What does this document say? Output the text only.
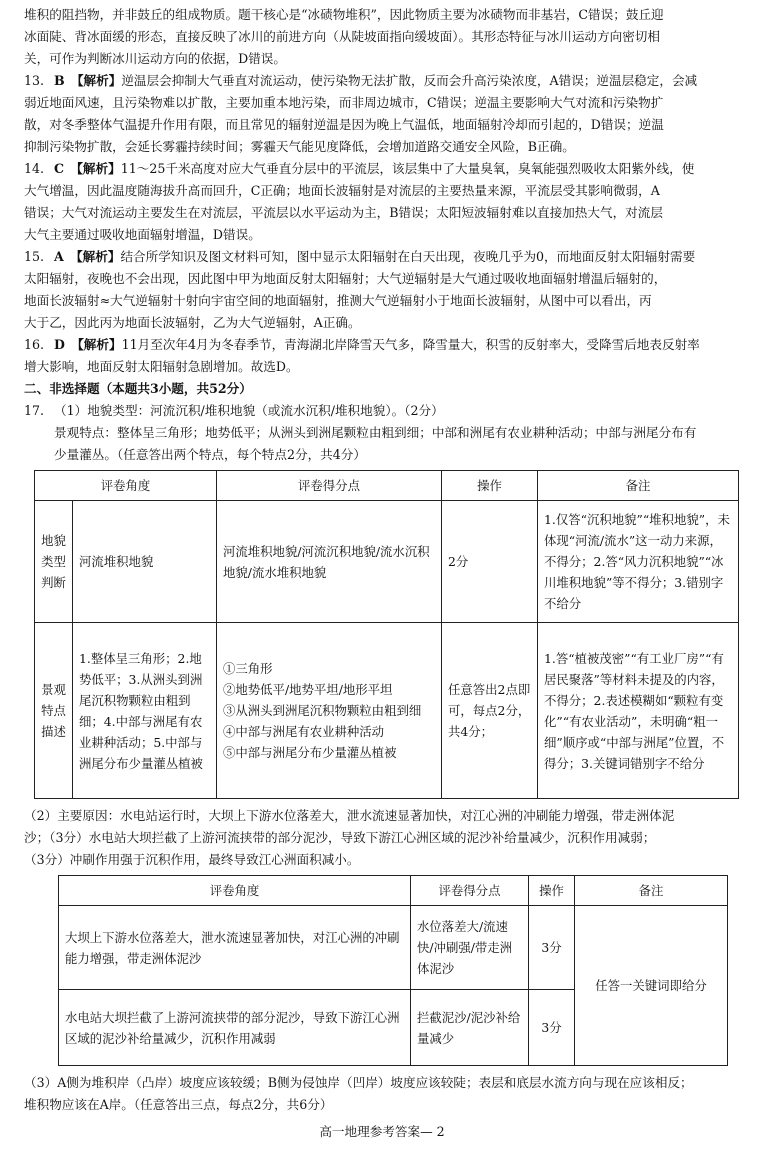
堆积的阻挡物，并非鼓丘的组成物质。题干核心是“冰碛物堆积”，因此物质主要为冰碛物而非基岩，C错误；鼓丘迎

冰面陡、背冰面缓的形态，直接反映了冰川的前进方向（从陡坡面指向缓坡面）。其形态特征与冰川运动方向密切相

关，可作为判断冰川运动方向的依据，D错误。

13. B　【解析】逆温层会抑制大气垂直对流运动，使污染物无法扩散，反而会升高污染浓度，A错误；逆温层稳定，会减

弱近地面风速，且污染物难以扩散，主要加重本地污染，而非周边城市，C错误；逆温主要影响大气对流和污染物扩

散，对冬季整体气温提升作用有限，而且常见的辐射逆温是因为晚上气温低，地面辐射冷却而引起的，D错误；逆温

抑制污染物扩散，会延长雾霾持续时间；雾霾天气能见度降低，会增加道路交通安全风险，B正确。

14. C　【解析】11～25千米高度对应大气垂直分层中的平流层，该层集中了大量臭氧，臭氧能强烈吸收太阳紫外线，使

大气增温，因此温度随海拔升高而回升，C正确；地面长波辐射是对流层的主要热量来源，平流层受其影响微弱，A

错误；大气对流运动主要发生在对流层，平流层以水平运动为主，B错误；太阳短波辐射难以直接加热大气，对流层

大气主要通过吸收地面辐射增温，D错误。

15. A　【解析】结合所学知识及图文材料可知，图中显示太阳辐射在白天出现，夜晚几乎为0，而地面反射太阳辐射需要

太阳辐射，夜晚也不会出现，因此图中甲为地面反射太阳辐射；大气逆辐射是大气通过吸收地面辐射增温后辐射的，

地面长波辐射≈大气逆辐射十射向宇宙空间的地面辐射，推测大气逆辐射小于地面长波辐射，从图中可以看出，丙

大于乙，因此丙为地面长波辐射，乙为大气逆辐射，A正确。

16. D　【解析】11月至次年4月为冬春季节，青海湖北岸降雪天气多，降雪量大，积雪的反射率大，受降雪后地表反射率

增大影响，地面反射太阳辐射急剧增加。故选D。

二、非选择题（本题共3小题，共52分）

17. （1）地貌类型：河流沉积/堆积地貌（或流水沉积/堆积地貌）。（2分）

景观特点：整体呈三角形；地势低平；从洲头到洲尾颗粒由粗到细；中部和洲尾有农业耕种活动；中部与洲尾分布有

少量灌丛。（任意答出两个特点，每个特点2分，共4分）

评卷角度		评卷得分点	操作	备注
地貌类型判断	河流堆积地貌	河流堆积地貌/河流沉积地貌/流水沉积地貌/流水堆积地貌	2分	1.仅答“沉积地貌”“堆积地貌”，未体现“河流/流水”这一动力来源，不得分；2.答“风力沉积地貌”“冰川堆积地貌”等不得分；3.错别字不给分
景观特点描述	1.整体呈三角形；2.地势低平；3.从洲头到洲尾沉积物颗粒由粗到细；4.中部与洲尾有农业耕种活动；5.中部与洲尾分布少量灌丛植被	①三角形
②地势低平/地势平坦/地形平坦
③从洲头到洲尾沉积物颗粒由粗到细
④中部与洲尾有农业耕种活动
⑤中部与洲尾分布少量灌丛植被	任意答出2点即可，每点2分，共4分；	1.答“植被茂密”“有工业厂房”“有居民聚落”等材料未提及的内容，不得分；2.表述模糊如“颗粒有变化”“有农业活动”，未明确“粗一细”顺序或“中部与洲尾”位置，不得分；3.关键词错别字不给分

（2）主要原因：水电站运行时，大坝上下游水位落差大，泄水流速显著加快，对江心洲的冲刷能力增强，带走洲体泥

沙；（3分）水电站大坝拦截了上游河流挟带的部分泥沙，导致下游江心洲区域的泥沙补给量减少，沉积作用减弱；

（3分）冲刷作用强于沉积作用，最终导致江心洲面积减小。

评卷角度	评卷得分点	操作	备注
大坝上下游水位落差大，泄水流速显著加快，对江心洲的冲刷能力增强，带走洲体泥沙	水位落差大/流速快/冲刷强/带走洲体泥沙	3分	任答一关键词即给分
水电站大坝拦截了上游河流挟带的部分泥沙，导致下游江心洲区域的泥沙补给量减少，沉积作用减弱	拦截泥沙/泥沙补给量减少	3分	

（3）A侧为堆积岸（凸岸）坡度应该较缓；B侧为侵蚀岸（凹岸）坡度应该较陡；表层和底层水流方向与现在应该相反；

堆积物应该在A岸。（任意答出三点，每点2分，共6分）

高一地理参考答案— 2
